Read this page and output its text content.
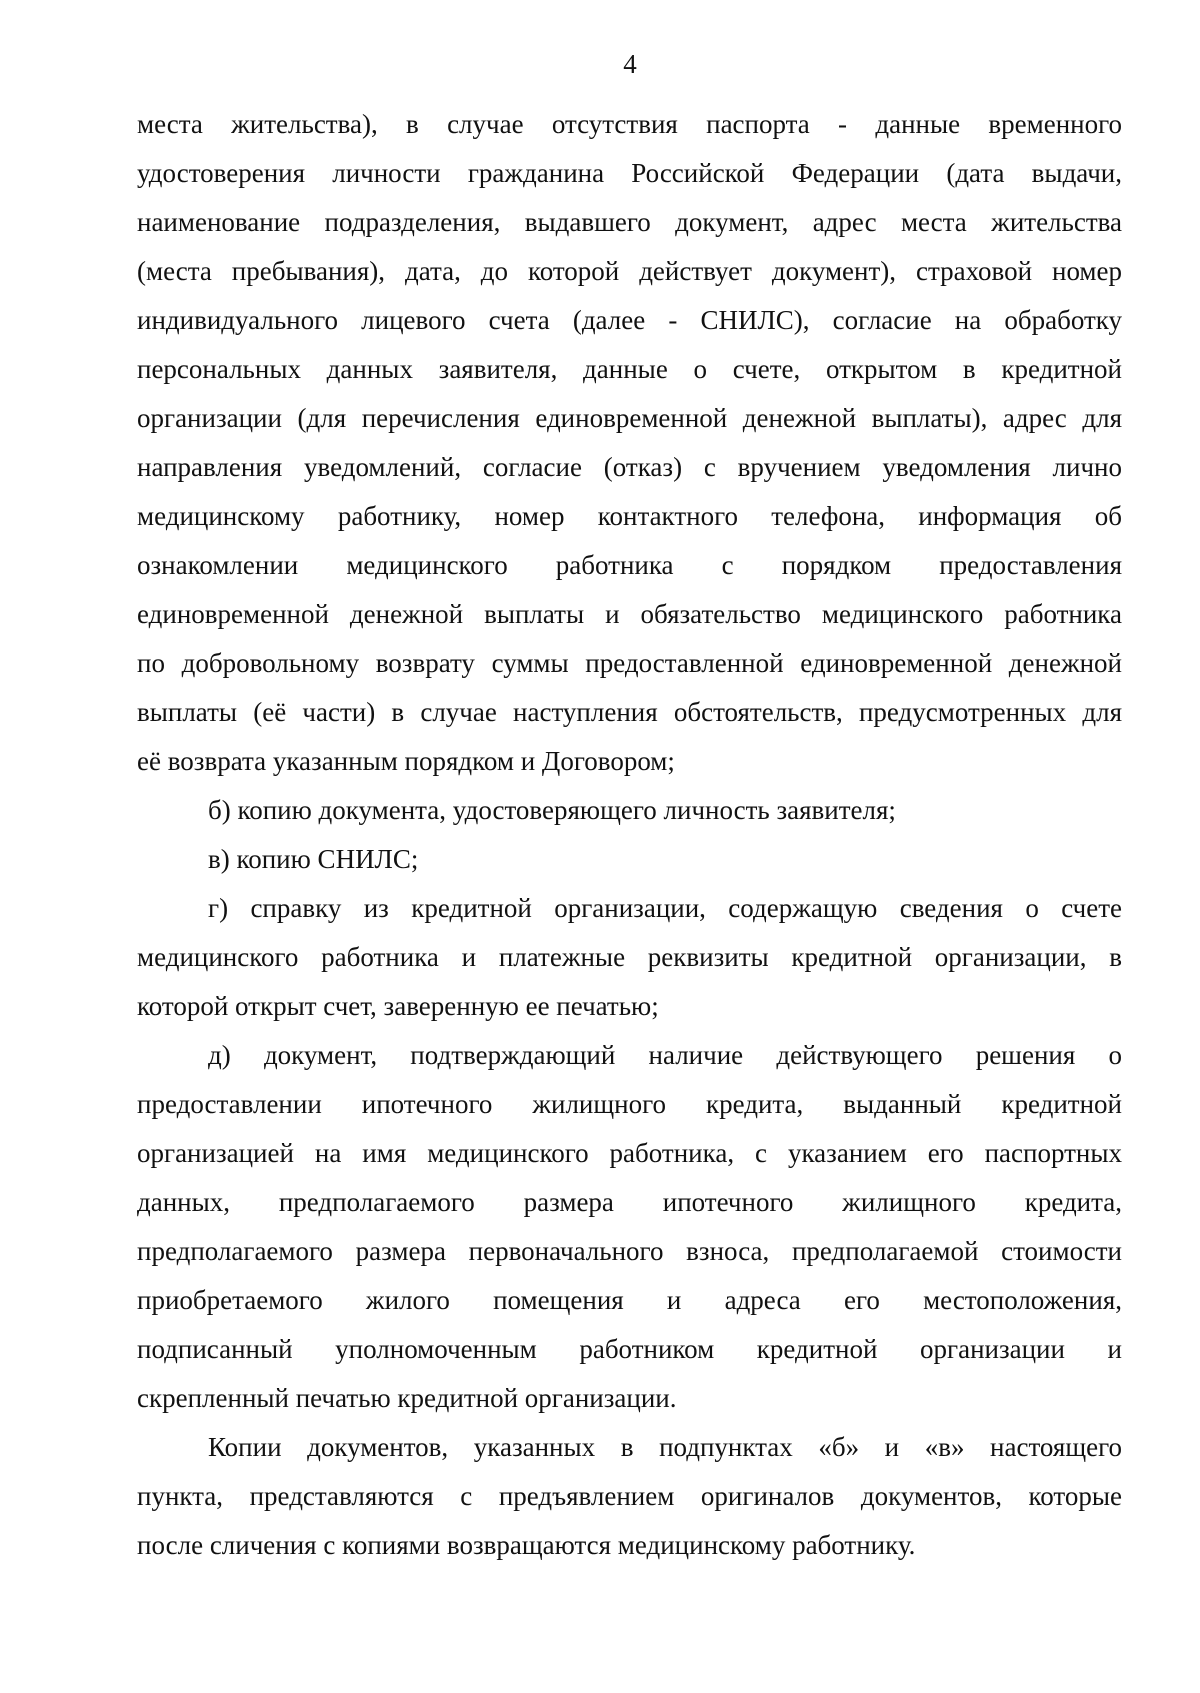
4
места жительства), в случае отсутствия паспорта - данные временного
удостоверения личности гражданина Российской Федерации (дата выдачи,
наименование подразделения, выдавшего документ, адрес места жительства
(места пребывания), дата, до которой действует документ), страховой номер
индивидуального лицевого счета (далее - СНИЛС), согласие на обработку
персональных данных заявителя, данные о счете, открытом в кредитной
организации (для перечисления единовременной денежной выплаты), адрес для
направления уведомлений, согласие (отказ) с вручением уведомления лично
медицинскому работнику, номер контактного телефона, информация об
ознакомлении медицинского работника с порядком предоставления
единовременной денежной выплаты и обязательство медицинского работника
по добровольному возврату суммы предоставленной единовременной денежной
выплаты (её части) в случае наступления обстоятельств, предусмотренных для
её возврата указанным порядком и Договором;
б) копию документа, удостоверяющего личность заявителя;
в) копию СНИЛС;
г) справку из кредитной организации, содержащую сведения о счете
медицинского работника и платежные реквизиты кредитной организации, в
которой открыт счет, заверенную ее печатью;
д) документ, подтверждающий наличие действующего решения о
предоставлении ипотечного жилищного кредита, выданный кредитной
организацией на имя медицинского работника, с указанием его паспортных
данных, предполагаемого размера ипотечного жилищного кредита,
предполагаемого размера первоначального взноса, предполагаемой стоимости
приобретаемого жилого помещения и адреса его местоположения,
подписанный уполномоченным работником кредитной организации и
скрепленный печатью кредитной организации.
Копии документов, указанных в подпунктах «б» и «в» настоящего
пункта, представляются с предъявлением оригиналов документов, которые
после сличения с копиями возвращаются медицинскому работнику.
